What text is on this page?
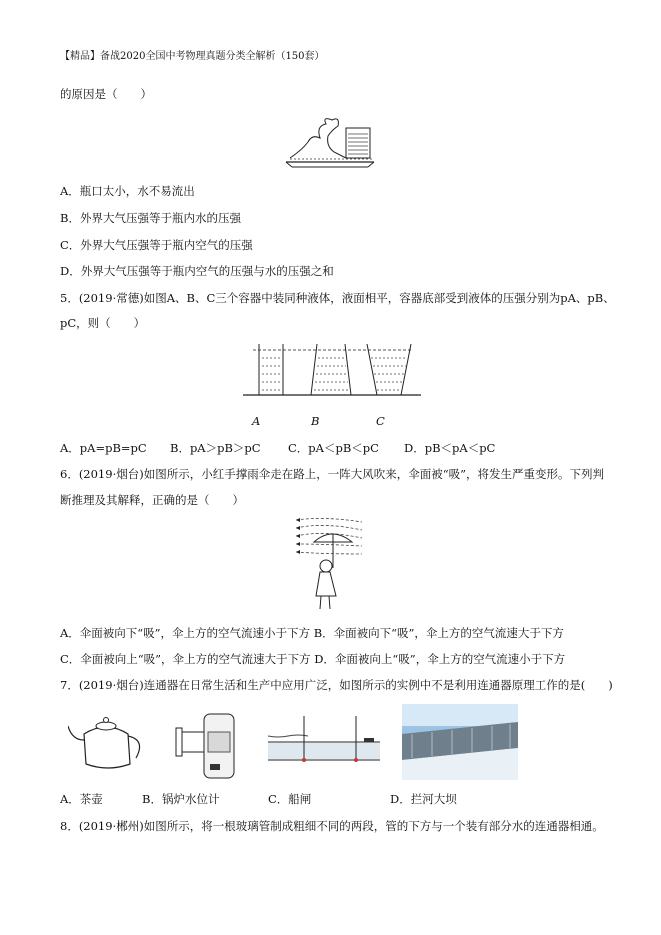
【精品】备战2020全国中考物理真题分类全解析（150套）
的原因是（　　）
A．瓶口太小，水不易流出
B．外界大气压强等于瓶内水的压强
C．外界大气压强等于瓶内空气的压强
D．外界大气压强等于瓶内空气的压强与水的压强之和
5．(2019·常德)如图A、B、C三个容器中装同种液体，液面相平，容器底部受到液体的压强分别为pA、pB、
pC，则（　　）
A	B	C
A．pA=pB=pC B．pA＞pB＞pC C．pA＜pB＜pC D．pB＜pA＜pC
6．(2019·烟台)如图所示，小红手撑雨伞走在路上，一阵大风吹来，伞面被“吸”，将发生严重变形。下列判
断推理及其解释，正确的是（　　）
A．伞面被向下“吸”，伞上方的空气流速小于下方 B．伞面被向下“吸”，伞上方的空气流速大于下方
C．伞面被向上“吸”，伞上方的空气流速大于下方 D．伞面被向上“吸”，伞上方的空气流速小于下方
7．(2019·烟台)连通器在日常生活和生产中应用广泛，如图所示的实例中不是利用连通器原理工作的是(　　)
A．茶壶	B．锅炉水位计	C．船闸	D．拦河大坝
8．(2019·郴州)如图所示，将一根玻璃管制成粗细不同的两段，管的下方与一个装有部分水的连通器相通。
